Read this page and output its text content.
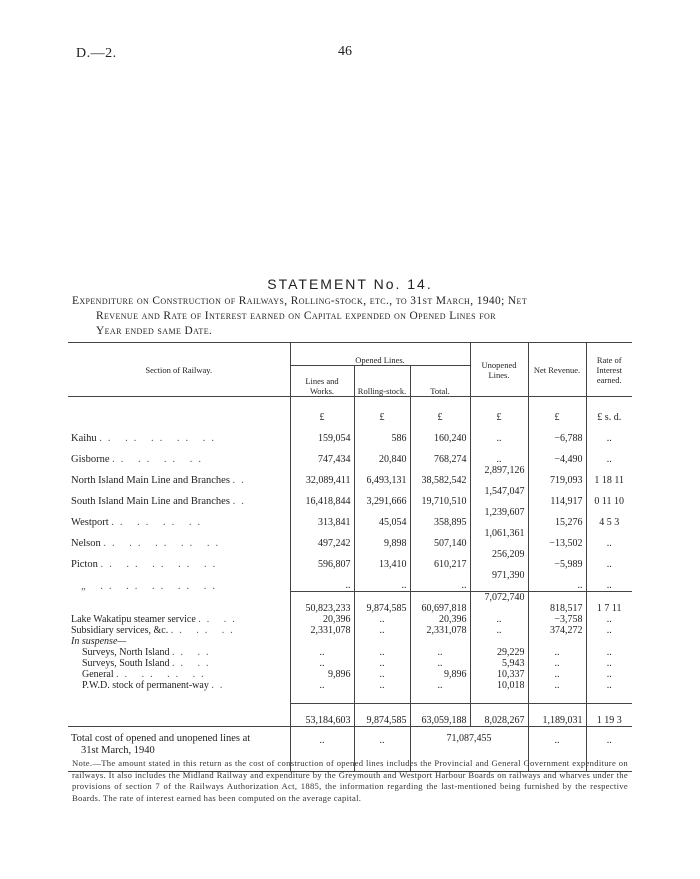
D.—2.	46
STATEMENT No. 14.
Expenditure on Construction of Railways, Rolling-stock, etc., to 31st March, 1940; Net
Revenue and Rate of Interest earned on Capital expended on Opened Lines for
Year ended same Date.
Section of Railway.	Opened Lines.			Unopened Lines.	Net Revenue.	Rate of Interest earned.
	Lines and Works.	Rolling-stock.	Total.			

	£	£	£	£	£	£ s. d.
Kaihu .. .. .. .. ..	159,054	586	160,240	..	−6,788	..
Gisborne .. .. .. ..	747,434	20,840	768,274	..	−4,490	..
North Island Main Line and Branches ..	32,089,411	6,493,131	38,582,542	2,897,126	719,093	1 18 11
South Island Main Line and Branches ..	16,418,844	3,291,666	19,710,510	1,547,047	114,917	0 11 10
Westport .. .. .. ..	313,841	45,054	358,895	1,239,607	15,276	4 5 3
Nelson .. .. .. .. ..	497,242	9,898	507,140	1,061,361	−13,502	..
Picton .. .. .. .. ..	596,807	13,410	610,217	256,209	−5,989	..
„ .. .. .. .. ..	..	..	..	971,390	..	..
	50,823,233	9,874,585	60,697,818	7,072,740	818,517	1 7 11
Lake Wakatipu steamer service .. ..	20,396	..	20,396	..	−3,758	..
Subsidiary services, &c. .. .. ..	2,331,078	..	2,331,078	..	374,272	..
In suspense—						
Surveys, North Island .. ..	..	..	..	29,229	..	..
Surveys, South Island .. ..	..	..	..	5,943	..	..
General .. .. .. ..	9,896	..	9,896	10,337	..	..
P.W.D. stock of permanent-way ..	..	..	..	10,018	..	..

	53,184,603	9,874,585	63,059,188	8,028,267	1,189,031	1 19 3
Total cost of opened and unopened lines at
31st March, 1940	..	..	71,087,455		..	..

Note.—The amount stated in this return as the cost of construction of opened lines includes the Provincial and General Government expenditure on railways. It also includes the Midland Railway and expenditure by the Greymouth and Westport Harbour Boards on railways and wharves under the provisions of section 7 of the Railways Authorization Act, 1885, the information regarding the last-mentioned being furnished by the respective Boards. The rate of interest earned has been computed on the average capital.
